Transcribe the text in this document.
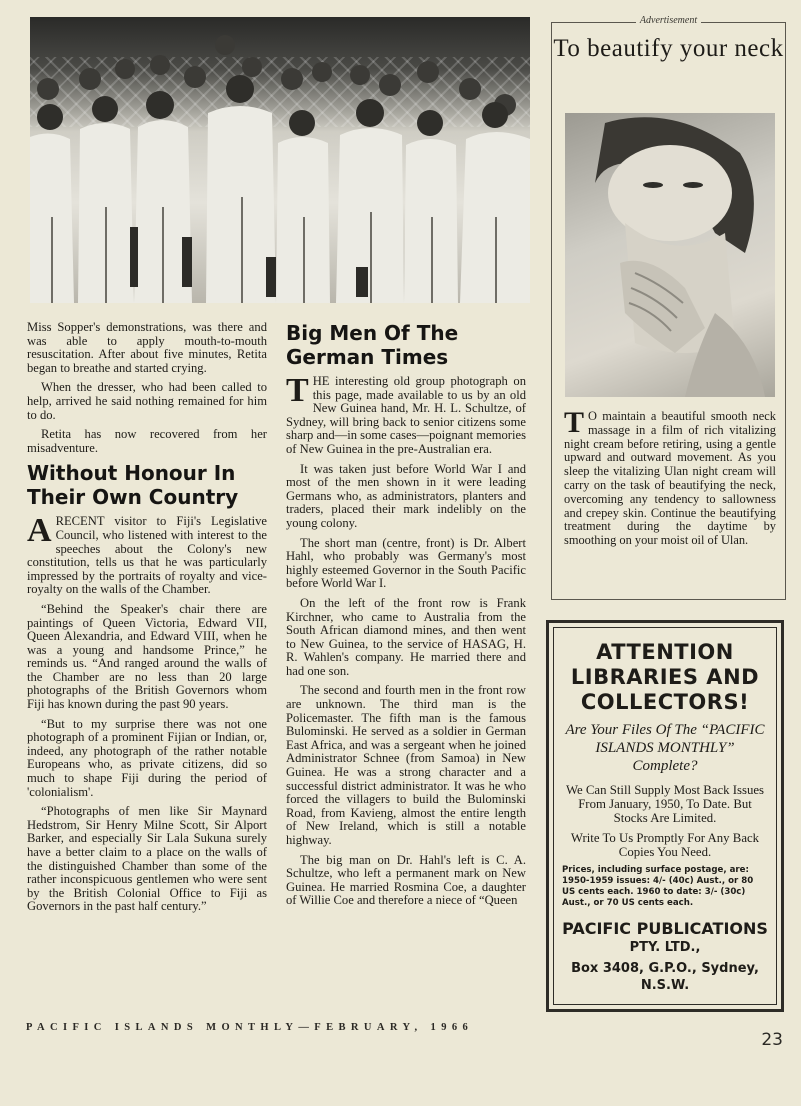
Miss Sopper's demonstrations, was there and was able to apply mouth-to-mouth resuscitation. After about five minutes, Retita began to breathe and started crying.

When the dresser, who had been called to help, arrived he said nothing remained for him to do.

Retita has now recovered from her misadventure.

Without Honour In Their Own Country

ARECENT visitor to Fiji's Legislative Council, who listened with interest to the speeches about the Colony's new constitution, tells us that he was particularly impressed by the portraits of royalty and vice-royalty on the walls of the Chamber.

“Behind the Speaker's chair there are paintings of Queen Victoria, Edward VII, Queen Alexandria, and Edward VIII, when he was a young and handsome Prince,” he reminds us. “And ranged around the walls of the Chamber are no less than 20 large photographs of the British Governors whom Fiji has known during the past 90 years.

“But to my surprise there was not one photograph of a prominent Fijian or Indian, or, indeed, any photograph of the rather notable Europeans who, as private citizens, did so much to shape Fiji during the period of 'colonialism'.

“Photographs of men like Sir Maynard Hedstrom, Sir Henry Milne Scott, Sir Alport Barker, and especially Sir Lala Sukuna surely have a better claim to a place on the walls of the distinguished Chamber than some of the rather inconspicuous gentlemen who were sent by the British Colonial Office to Fiji as Governors in the past half century.”

Big Men Of The German Times

THE interesting old group photograph on this page, made available to us by an old New Guinea hand, Mr. H. L. Schultze, of Sydney, will bring back to senior citizens some sharp and—in some cases—poignant memories of New Guinea in the pre-Australian era.

It was taken just before World War I and most of the men shown in it were leading Germans who, as administrators, planters and traders, placed their mark indelibly on the young colony.

The short man (centre, front) is Dr. Albert Hahl, who probably was Germany's most highly esteemed Governor in the South Pacific before World War I.

On the left of the front row is Frank Kirchner, who came to Australia from the South African diamond mines, and then went to New Guinea, to the service of HASAG, H. R. Wahlen's company. He married there and had one son.

The second and fourth men in the front row are unknown. The third man is the Policemaster. The fifth man is the famous Bulominski. He served as a soldier in German East Africa, and was a sergeant when he joined Administrator Schnee (from Samoa) in New Guinea. He was a strong character and a successful district administrator. It was he who forced the villagers to build the Bulominski Road, from Kavieng, almost the entire length of New Ireland, which is still a notable highway.

The big man on Dr. Hahl's left is C. A. Schultze, who left a permanent mark on New Guinea. He married Rosmina Coe, a daughter of Willie Coe and therefore a niece of “Queen

Advertisement
To beautify your neck
T O maintain a beautiful smooth neck massage in a film of rich vitalizing night cream before retiring, using a gentle upward and outward movement. As you sleep the vitalizing Ulan night cream will carry on the task of beautifying the neck, overcoming any tendency to sallowness and crepey skin. Continue the beautifying treatment during the daytime by smoothing on your moist oil of Ulan.
ATTENTION LIBRARIES AND COLLECTORS!
Are Your Files Of The “PACIFIC ISLANDS MONTHLY” Complete?
We Can Still Supply Most Back Issues From January, 1950, To Date. But Stocks Are Limited.
Write To Us Promptly For Any Back Copies You Need.
Prices, including surface postage, are: 1950-1959 issues: 4/- (40c) Aust., or 80 US cents each. 1960 to date: 3/- (30c) Aust., or 70 US cents each.
PACIFIC PUBLICATIONS
PTY. LTD.,
Box 3408, G.P.O., Sydney, N.S.W.
PACIFIC ISLANDS MONTHLY—FEBRUARY, 1966
23
